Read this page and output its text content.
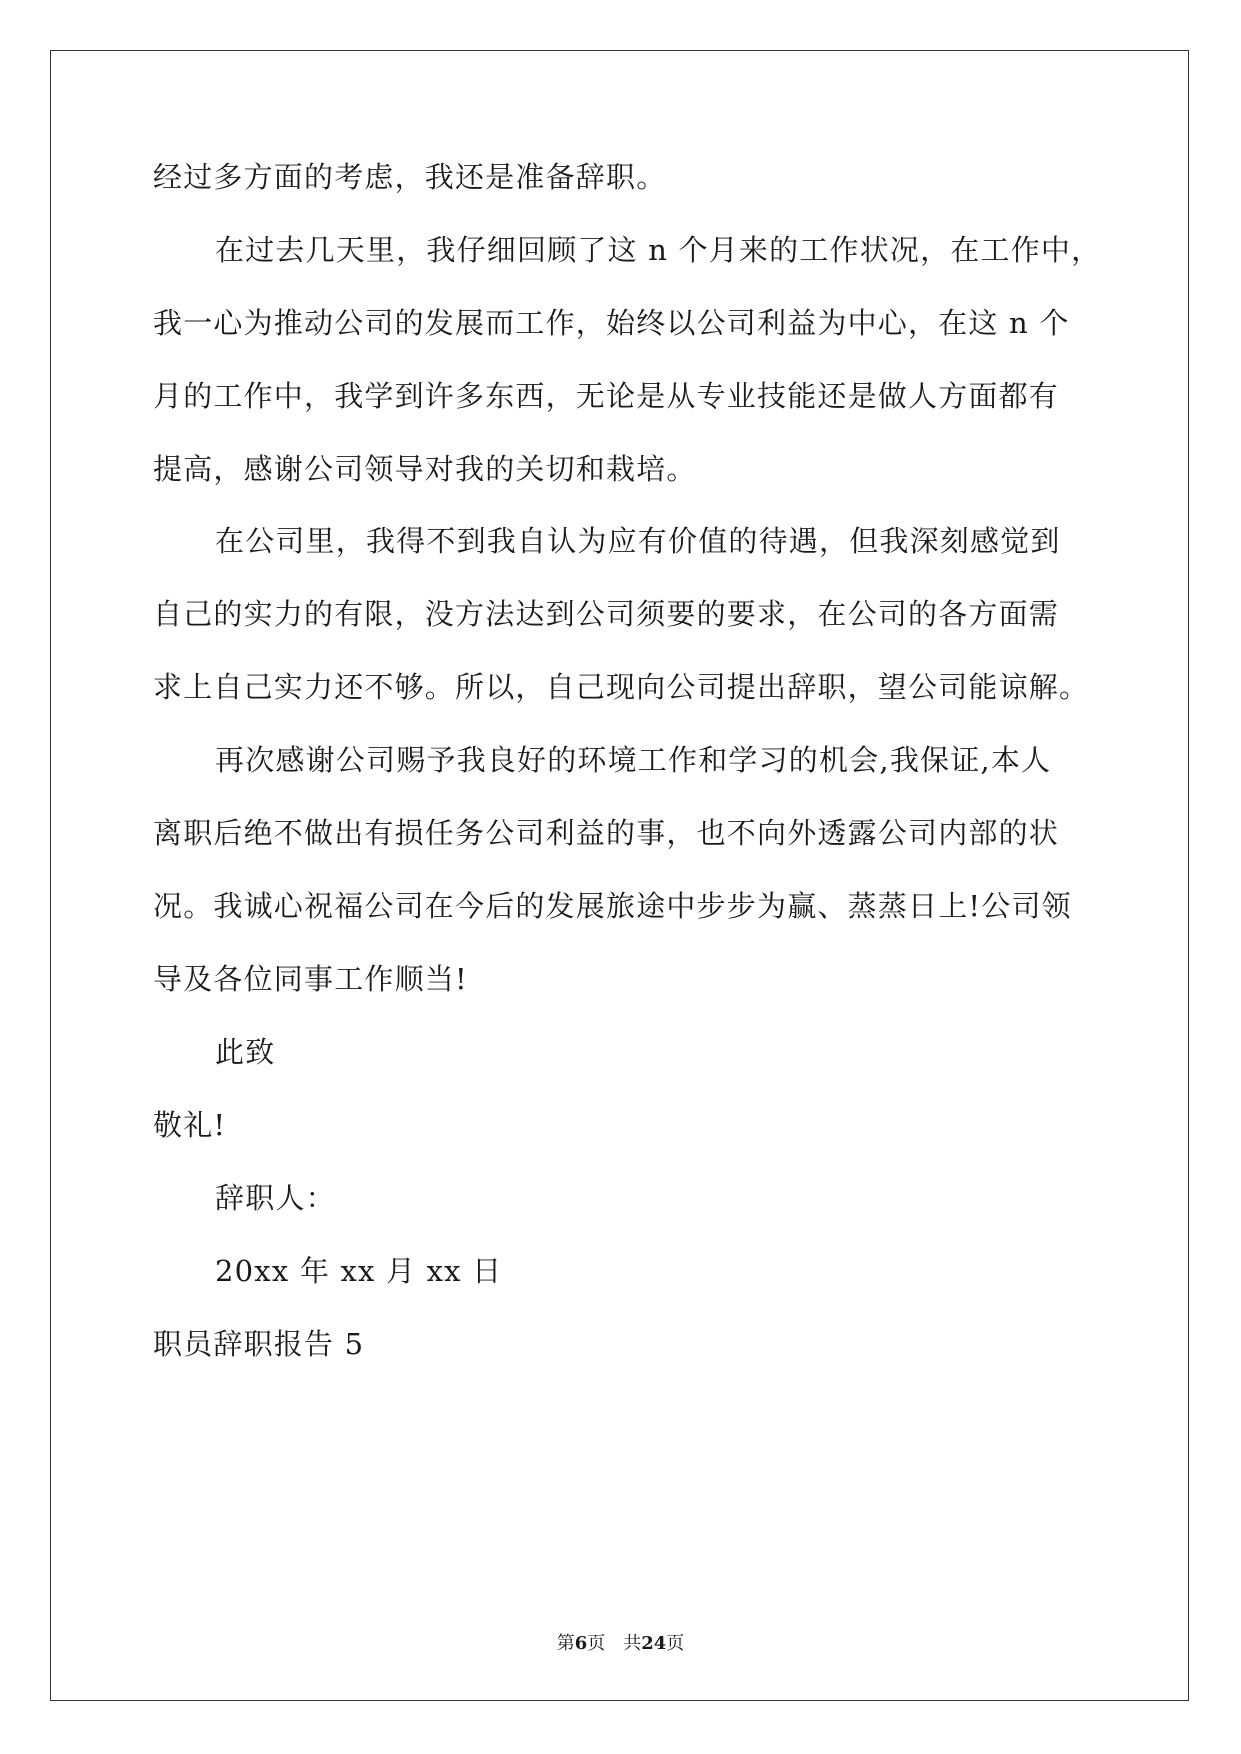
经过多方面的考虑，我还是准备辞职。
在过去几天里，我仔细回顾了这 n 个月来的工作状况，在工作中，
我一心为推动公司的发展而工作，始终以公司利益为中心，在这 n 个
月的工作中，我学到许多东西，无论是从专业技能还是做人方面都有
提高，感谢公司领导对我的关切和栽培。
在公司里，我得不到我自认为应有价值的待遇，但我深刻感觉到
自己的实力的有限，没方法达到公司须要的要求，在公司的各方面需
求上自己实力还不够。所以，自己现向公司提出辞职，望公司能谅解。
再次感谢公司赐予我良好的环境工作和学习的机会,我保证,本人
离职后绝不做出有损任务公司利益的事，也不向外透露公司内部的状
况。我诚心祝福公司在今后的发展旅途中步步为赢、蒸蒸日上!公司领
导及各位同事工作顺当!
此致
敬礼!
辞职人：
20xx 年 xx 月 xx 日
职员辞职报告 5
第6页 共24页
